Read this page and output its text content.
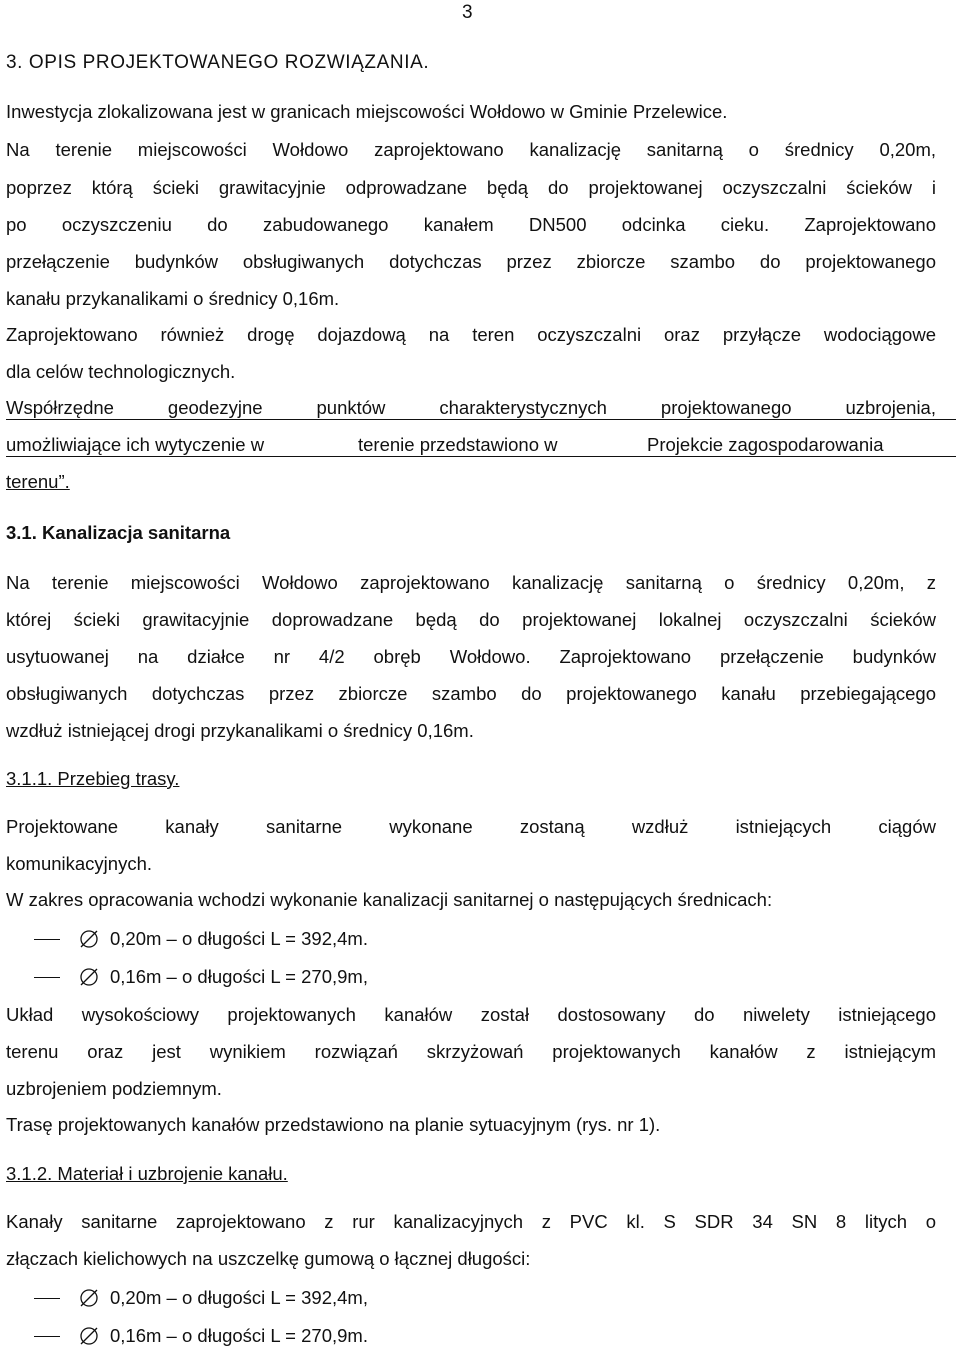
3
3. OPIS PROJEKTOWANEGO ROZWIĄZANIA.
Inwestycja zlokalizowana jest w granicach miejscowości Wołdowo w Gminie Przelewice.
Na terenie miejscowości Wołdowo zaprojektowano kanalizację sanitarną o średnicy 0,20m,
poprzez którą ścieki grawitacyjnie odprowadzane będą do projektowanej oczyszczalni ścieków i
po oczyszczeniu do zabudowanego kanałem DN500 odcinka cieku. Zaprojektowano
przełączenie budynków obsługiwanych dotychczas przez zbiorcze szambo do projektowanego
kanału przykanalikami o średnicy 0,16m.
Zaprojektowano również drogę dojazdową na teren oczyszczalni oraz przyłącze wodociągowe
dla celów technologicznych.
Współrzędne geodezyjne punktów charakterystycznych projektowanego uzbrojenia,
umożliwiające ich wytyczenie w	terenie przedstawiono w	Projekcie zagospodarowania
terenu”.
3.1. Kanalizacja sanitarna
Na terenie miejscowości Wołdowo zaprojektowano kanalizację sanitarną o średnicy 0,20m, z
której ścieki grawitacyjnie doprowadzane będą do projektowanej lokalnej oczyszczalni ścieków
usytuowanej na działce nr 4/2 obręb Wołdowo. Zaprojektowano przełączenie budynków
obsługiwanych dotychczas przez zbiorcze szambo do projektowanego kanału przebiegającego
wzdłuż istniejącej drogi przykanalikami o średnicy 0,16m.
3.1.1. Przebieg trasy.
Projektowane kanały sanitarne wykonane zostaną wzdłuż istniejących ciągów
komunikacyjnych.
W zakres opracowania wchodzi wykonanie kanalizacji sanitarnej o następujących średnicach:
0,20m – o długości L = 392,4m.
0,16m – o długości L = 270,9m,
Układ wysokościowy projektowanych kanałów został dostosowany do niwelety istniejącego
terenu oraz jest wynikiem rozwiązań skrzyżowań projektowanych kanałów z istniejącym
uzbrojeniem podziemnym.
Trasę projektowanych kanałów przedstawiono na planie sytuacyjnym (rys. nr 1).
3.1.2. Materiał i uzbrojenie kanału.
Kanały sanitarne zaprojektowano z rur kanalizacyjnych z PVC kl. S SDR 34 SN 8 litych o
złączach kielichowych na uszczelkę gumową o łącznej długości:
0,20m – o długości L = 392,4m,
0,16m – o długości L = 270,9m.
